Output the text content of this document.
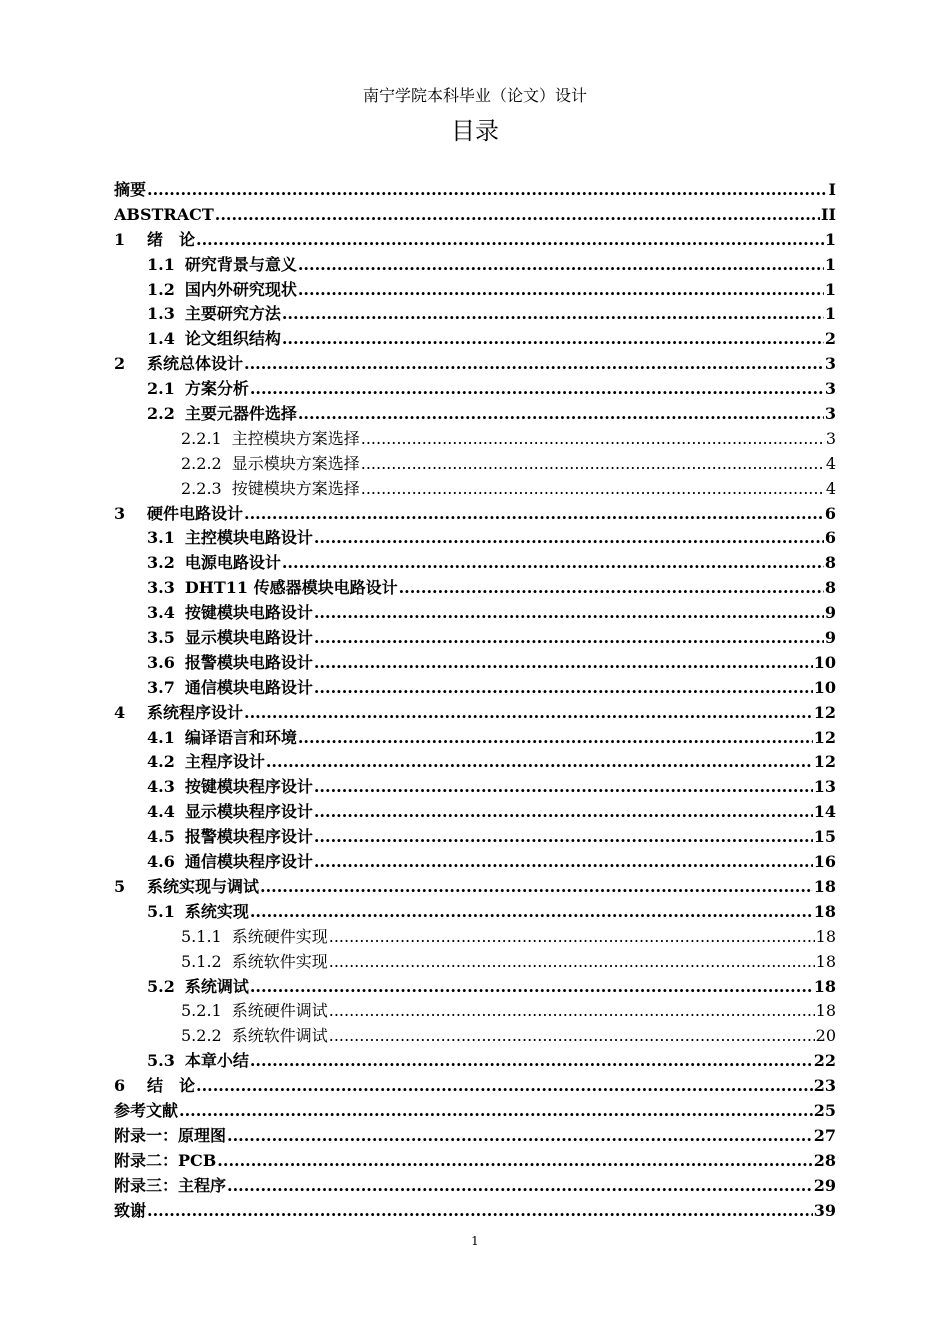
南宁学院本科毕业（论文）设计
目录
摘要 .....	I
ABSTRACT .....	II
1	绪　论 .....	1
1.1 研究背景与意义 .....	1
1.2 国内外研究现状 .....	1
1.3 主要研究方法 .....	1
1.4 论文组织结构 .....	2
2	系统总体设计 .....	3
2.1 方案分析 .....	3
2.2 主要元器件选择 .....	3
2.2.1 主控模块方案选择 .....	3
2.2.2 显示模块方案选择 .....	4
2.2.3 按键模块方案选择 .....	4
3	硬件电路设计 .....	6
3.1 主控模块电路设计 .....	6
3.2 电源电路设计 .....	8
3.3 DHT11 传感器模块电路设计 .....	8
3.4 按键模块电路设计 .....	9
3.5 显示模块电路设计 .....	9
3.6 报警模块电路设计 .....	10
3.7 通信模块电路设计 .....	10
4	系统程序设计 .....	12
4.1 编译语言和环境 .....	12
4.2 主程序设计 .....	12
4.3 按键模块程序设计 .....	13
4.4 显示模块程序设计 .....	14
4.5 报警模块程序设计 .....	15
4.6 通信模块程序设计 .....	16
5	系统实现与调试 .....	18
5.1 系统实现 .....	18
5.1.1 系统硬件实现 .....	18
5.1.2 系统软件实现 .....	18
5.2 系统调试 .....	18
5.2.1 系统硬件调试 .....	18
5.2.2 系统软件调试 .....	20
5.3 本章小结 .....	22
6	结　论 .....	23
参考文献 .....	25
附录一：原理图 .....	27
附录二：PCB .....	28
附录三：主程序 .....	29
致谢 .....	39
1
